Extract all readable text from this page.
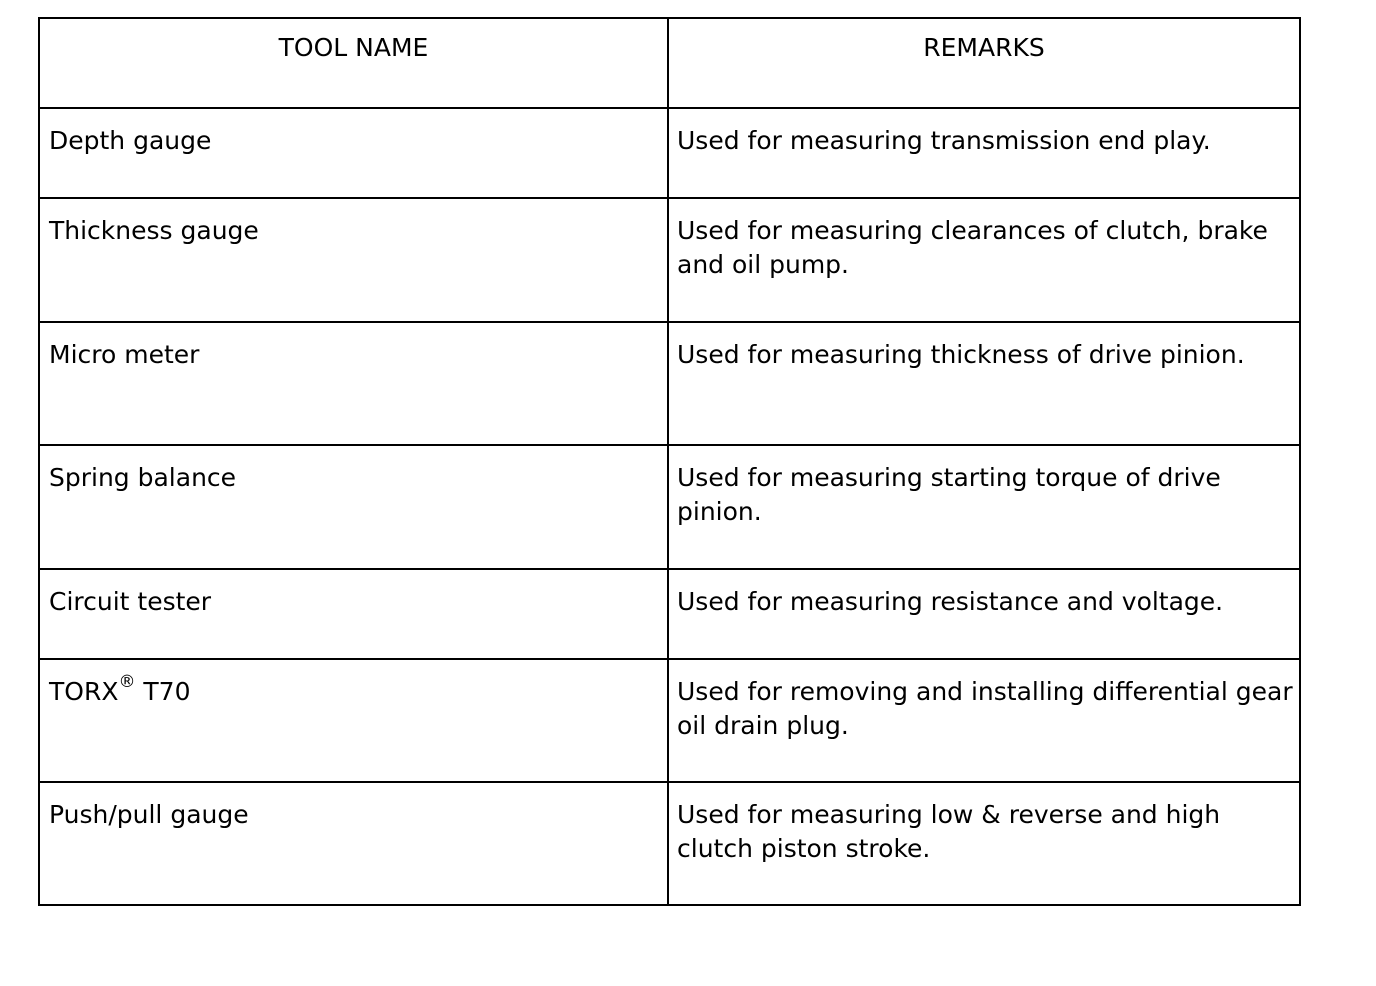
TOOL NAME	REMARKS
Depth gauge	Used for measuring transmission end play.
Thickness gauge	Used for measuring clearances of clutch, brake and oil pump.
Micro meter	Used for measuring thickness of drive pinion.
Spring balance	Used for measuring starting torque of drive pinion.
Circuit tester	Used for measuring resistance and voltage.
TORX® T70	Used for removing and installing differential gear oil drain plug.
Push/pull gauge	Used for measuring low & reverse and high clutch piston stroke.
